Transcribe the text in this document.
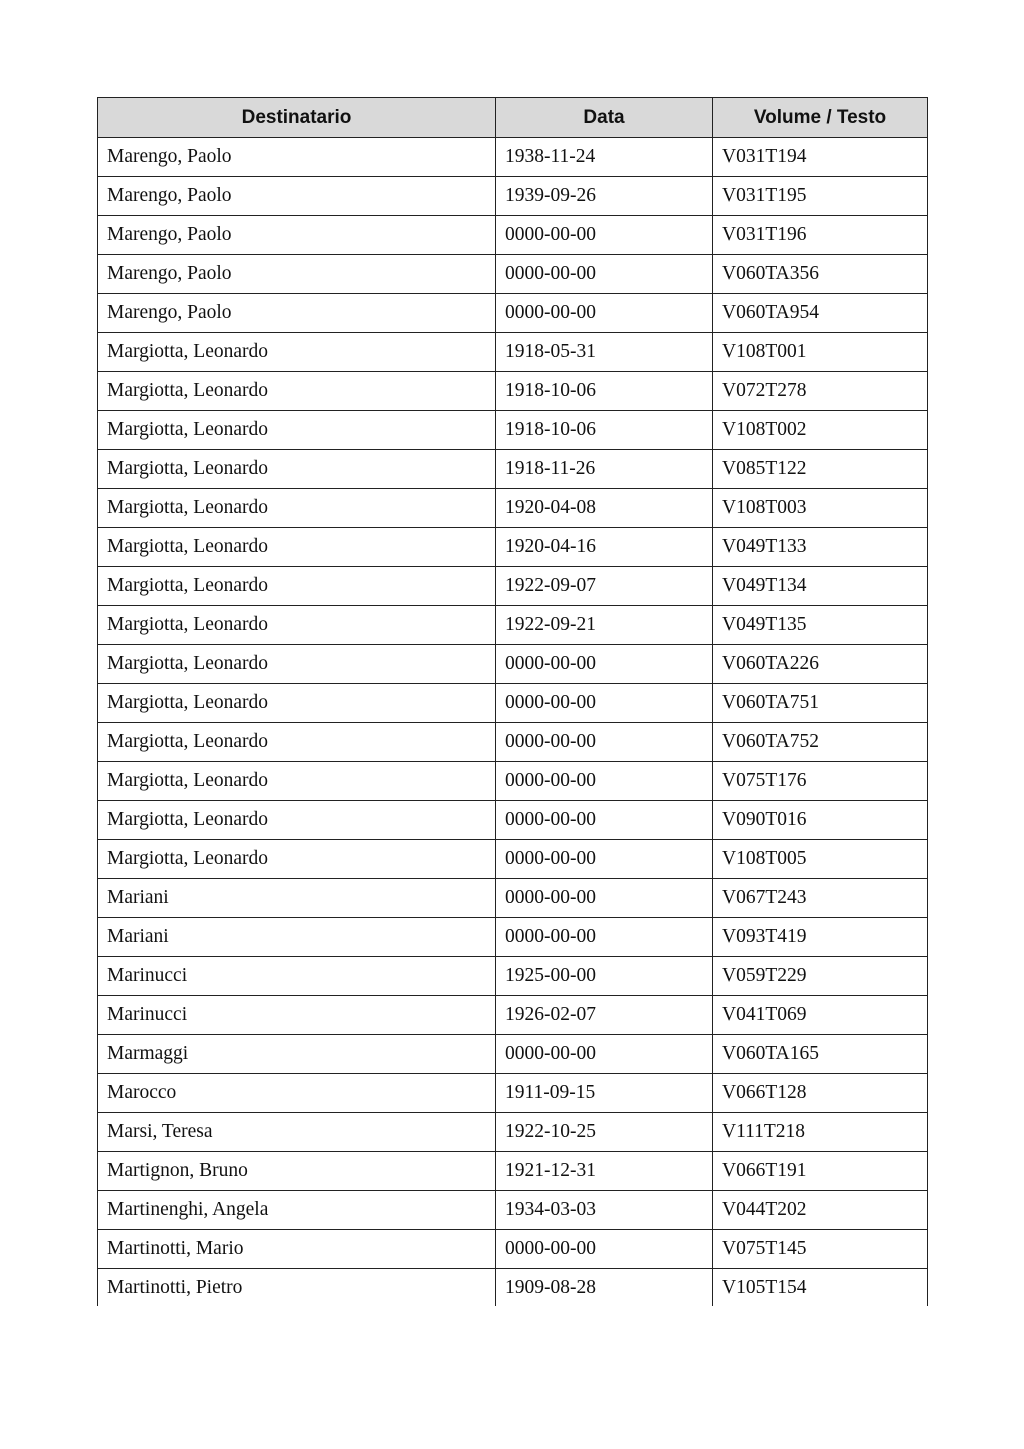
Destinatario	Data	Volume / Testo
Marengo, Paolo	1938-11-24	V031T194
Marengo, Paolo	1939-09-26	V031T195
Marengo, Paolo	0000-00-00	V031T196
Marengo, Paolo	0000-00-00	V060TA356
Marengo, Paolo	0000-00-00	V060TA954
Margiotta, Leonardo	1918-05-31	V108T001
Margiotta, Leonardo	1918-10-06	V072T278
Margiotta, Leonardo	1918-10-06	V108T002
Margiotta, Leonardo	1918-11-26	V085T122
Margiotta, Leonardo	1920-04-08	V108T003
Margiotta, Leonardo	1920-04-16	V049T133
Margiotta, Leonardo	1922-09-07	V049T134
Margiotta, Leonardo	1922-09-21	V049T135
Margiotta, Leonardo	0000-00-00	V060TA226
Margiotta, Leonardo	0000-00-00	V060TA751
Margiotta, Leonardo	0000-00-00	V060TA752
Margiotta, Leonardo	0000-00-00	V075T176
Margiotta, Leonardo	0000-00-00	V090T016
Margiotta, Leonardo	0000-00-00	V108T005
Mariani	0000-00-00	V067T243
Mariani	0000-00-00	V093T419
Marinucci	1925-00-00	V059T229
Marinucci	1926-02-07	V041T069
Marmaggi	0000-00-00	V060TA165
Marocco	1911-09-15	V066T128
Marsi, Teresa	1922-10-25	V111T218
Martignon, Bruno	1921-12-31	V066T191
Martinenghi, Angela	1934-03-03	V044T202
Martinotti, Mario	0000-00-00	V075T145
Martinotti, Pietro	1909-08-28	V105T154
